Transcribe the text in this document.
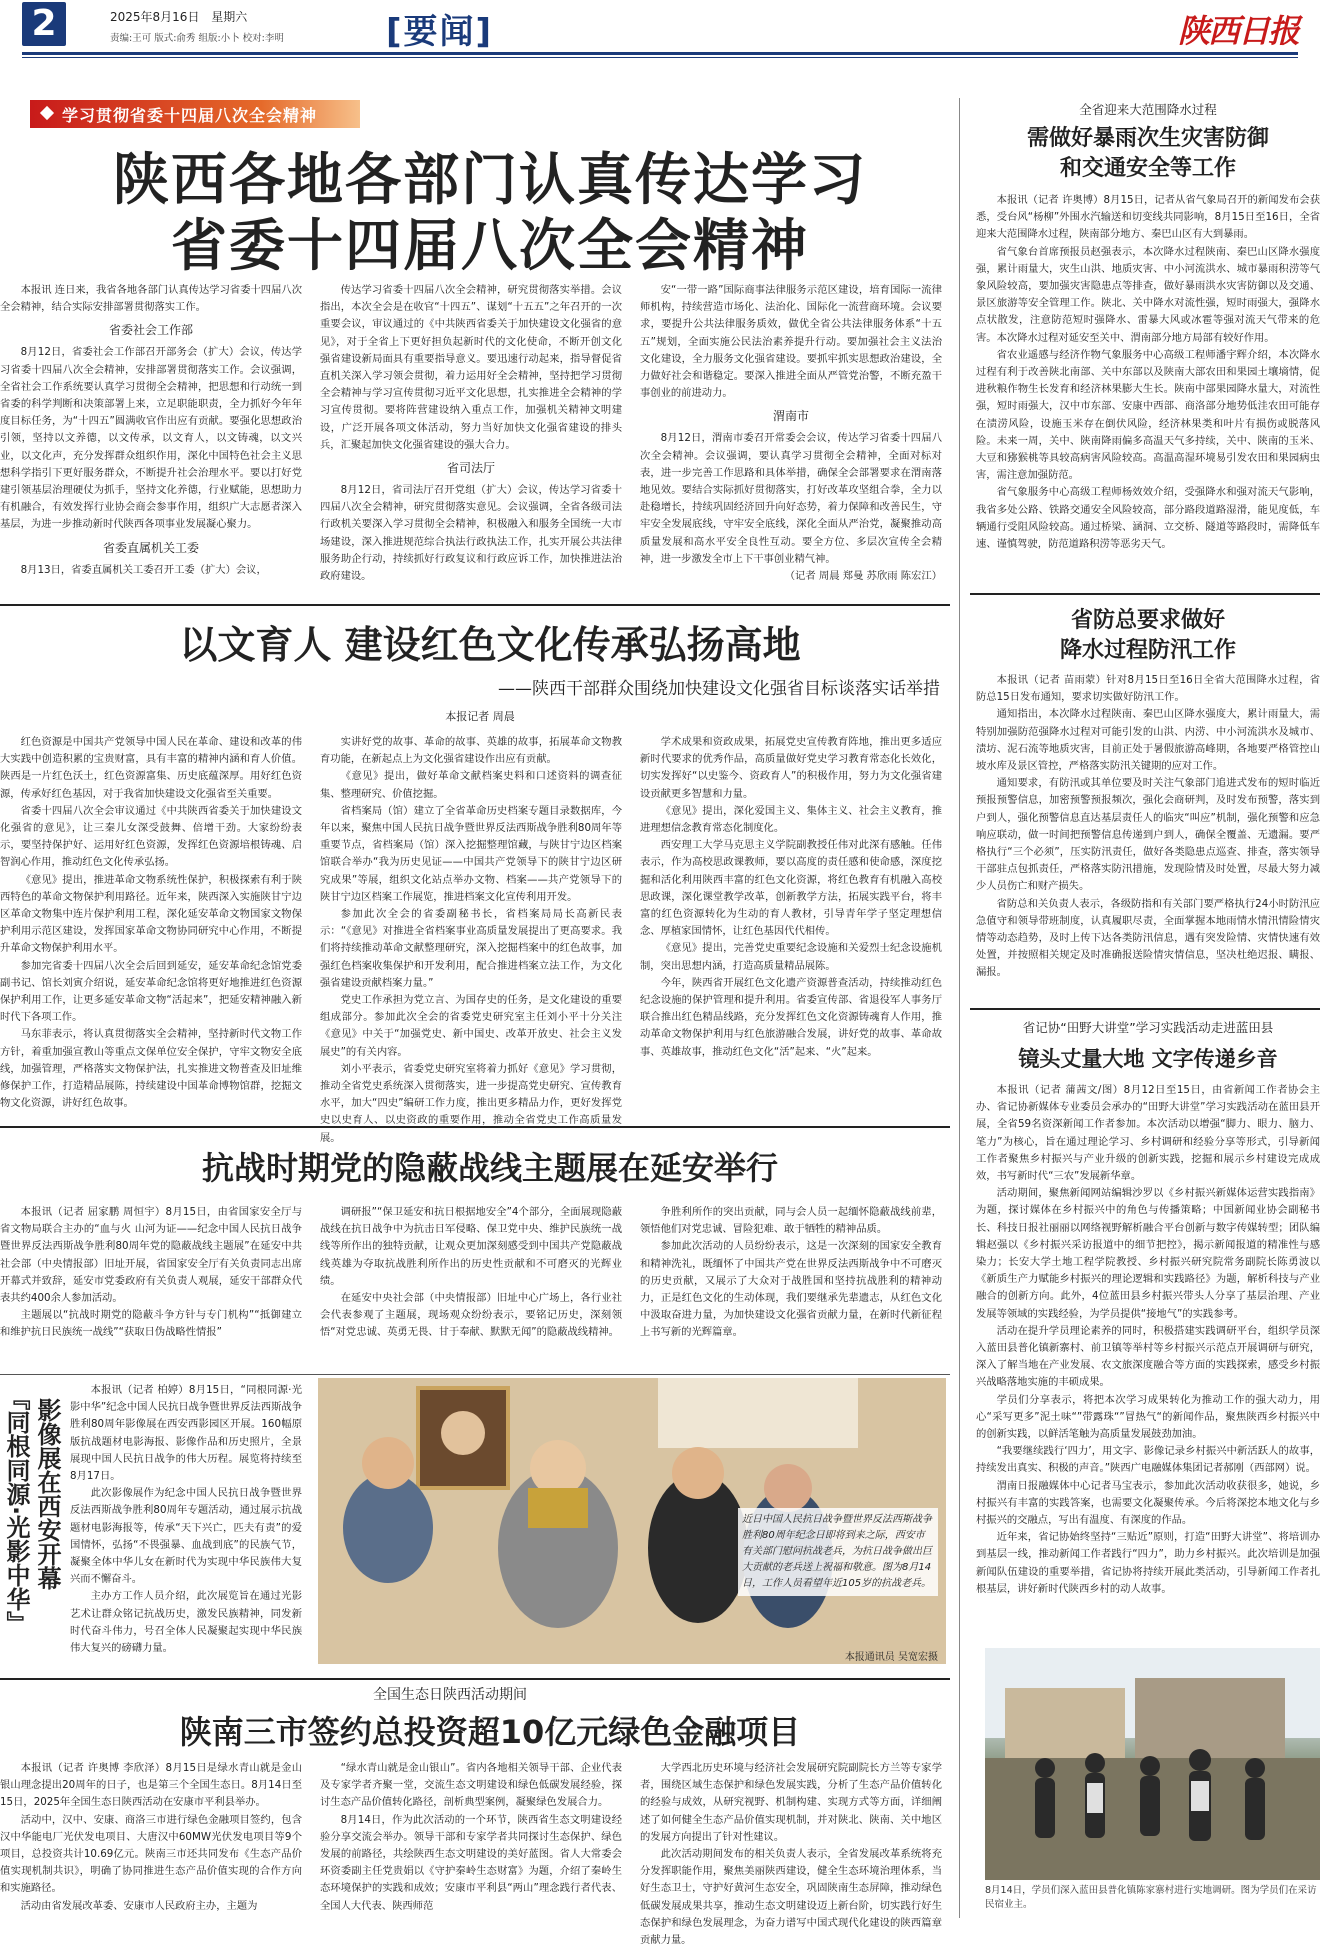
2	2025年8月16日 星期六
责编:王可 版式:俞秀 组版:小卜 校对:李明	[要闻]	陕西日报
学习贯彻省委十四届八次全会精神
陕西各地各部门认真传达学习
省委十四届八次全会精神

本报讯 连日来，我省各地各部门认真传达学习省委十四届八次全会精神，结合实际安排部署贯彻落实工作。

省委社会工作部

8月12日，省委社会工作部召开部务会（扩大）会议，传达学习省委十四届八次全会精神，安排部署贯彻落实工作。会议强调，全省社会工作系统要认真学习贯彻全会精神，把思想和行动统一到省委的科学判断和决策部署上来，立足职能职责，全力抓好今年年度目标任务，为“十四五”圆满收官作出应有贡献。要强化思想政治引领，坚持以文养德，以文传承，以文育人，以文铸魂，以文兴业，以文化声，充分发挥群众组织作用，深化中国特色社会主义思想科学指引下更好服务群众，不断提升社会治理水平。要以打好党建引领基层治理硬仗为抓手，坚持文化养德，行业赋能，思想助力有机融合，有效发挥行业协会商会参事作用，组织广大志愿者深入基层，为进一步推动新时代陕西各项事业发展凝心聚力。

省委直属机关工委

8月13日，省委直属机关工委召开工委（扩大）会议，

传达学习省委十四届八次全会精神，研究贯彻落实举措。会议指出，本次全会是在收官“十四五”、谋划“十五五”之年召开的一次重要会议，审议通过的《中共陕西省委关于加快建设文化强省的意见》，对于全省上下更好担负起新时代的文化使命，不断开创文化强省建设新局面具有重要指导意义。要迅速行动起来，指导督促省直机关深入学习领会贯彻，着力运用好全会精神，坚持把学习贯彻全会精神与学习宣传贯彻习近平文化思想，扎实推进全会精神的学习宣传贯彻。要将阵营建设纳入重点工作，加强机关精神文明建设，广泛开展各项文体活动，努力当好加快文化强省建设的排头兵，汇聚起加快文化强省建设的强大合力。

省司法厅

8月12日，省司法厅召开党组（扩大）会议，传达学习省委十四届八次全会精神，研究贯彻落实意见。会议强调，全省各级司法行政机关要深入学习贯彻全会精神，积极融入和服务全国统一大市场建设，深入推进规范综合执法行政执法工作，扎实开展公共法律服务助企行动，持续抓好行政复议和行政应诉工作，加快推进法治政府建设。

安“一带一路”国际商事法律服务示范区建设，培育国际一流律师机构，持续营造市场化、法治化、国际化一流营商环境。会议要求，要提升公共法律服务质效，做优全省公共法律服务体系“十五五”规划，全面实施公民法治素养提升行动。要加强社会主义法治文化建设，全力服务文化强省建设。要抓牢抓实思想政治建设，全力做好社会和谐稳定。要深入推进全面从严管党治警，不断充盈干事创业的前进动力。

渭南市

8月12日，渭南市委召开常委会会议，传达学习省委十四届八次全会精神。会议强调，要认真学习贯彻全会精神，全面对标对表，进一步完善工作思路和具体举措，确保全会部署要求在渭南落地见效。要结合实际抓好贯彻落实，打好改革攻坚组合拳，全力以赴稳增长，持续巩固经济回升向好态势，着力保障和改善民生，守牢安全发展底线，守牢安全底线，深化全面从严治党，凝聚推动高质量发展和高水平安全良性互动。要全方位、多层次宣传全会精神，进一步激发全市上下干事创业精气神。

（记者 周晨 郑曼 苏欣雨 陈宏江）

全省迎来大范围降水过程
需做好暴雨次生灾害防御
和交通安全等工作

本报讯（记者 许奥博）8月15日，记者从省气象局召开的新闻发布会获悉，受台风“杨柳”外围水汽输送和切变线共同影响，8月15日至16日，全省迎来大范围降水过程，陕南部分地方、秦巴山区有大到暴雨。

省气象台首席预报员赵强表示，本次降水过程陕南、秦巴山区降水强度强，累计雨量大，灾生山洪、地质灾害、中小河流洪水、城市暴雨积涝等气象风险较高，要加强灾害隐患点等排查，做好暴雨洪水灾害防御以及交通、景区旅游等安全管理工作。陕北、关中降水对流性强，短时雨强大，强降水点状散发，注意防范短时强降水、雷暴大风或冰雹等强对流天气带来的危害。本次降水过程对延安至关中、渭南部分地方局部有较好作用。

省农业遥感与经济作物气象服务中心高级工程师潘宇辉介绍，本次降水过程有利于改善陕北南部、关中东部以及陕南大部农田和果园土壤墒情，促进秋粮作物生长发育和经济林果膨大生长。陕南中部果园降水量大，对流性强，短时雨强大，汉中市东部、安康中西部、商洛部分地势低洼农田可能存在渍涝风险，设施玉米存在倒伏风险，经济林果类和叶片有损伤或脱落风险。未来一周，关中、陕南降雨偏多高温天气多持续，关中、陕南的玉米、大豆和猕猴桃等具较高病害风险较高。高温高湿环境易引发农田和果园病虫害，需注意加强防范。

省气象服务中心高级工程师杨效效介绍，受强降水和强对流天气影响，我省多处公路、铁路交通安全风险较高，部分路段道路湿滑，能见度低，车辆通行受阻风险较高。通过桥梁、涵洞、立交桥、隧道等路段时，需降低车速、谨慎驾驶，防范道路积涝等恶劣天气。

省防总要求做好
降水过程防汛工作

本报讯（记者 苗雨蒙）针对8月15日至16日全省大范围降水过程，省防总15日发布通知，要求切实做好防汛工作。

通知指出，本次降水过程陕南、秦巴山区降水强度大，累计雨量大，需特别加强防范强降水过程对可能引发的山洪、内涝、中小河流洪水及城市、渍坊、泥石流等地质灾害，目前正处于暑假旅游高峰期，各地要严格管控山坡水库及景区管控，严格落实防汛关键期的应对工作。

通知要求，有防汛或其单位要及时关注气象部门追进式发布的短时临近预报预警信息，加密预警预报频次，强化会商研判，及时发布预警，落实到户到人，强化预警信息直达基层责任人的临灾“叫应”机制，强化预警和应急响应联动，做一时间把预警信息传递到户到人，确保全覆盖、无遗漏。要严格执行“三个必须”，压实防汛责任，做好各类隐患点巡查、排查，落实领导干部驻点包抓责任，严格落实防汛措施，发现险情及时处置，尽最大努力减少人员伤亡和财产损失。

省防总和关负责人表示，各级防指和有关部门要严格执行24小时防汛应急值守和领导带班制度，认真履职尽责，全面掌握本地雨情水情汛情险情灾情等动态趋势，及时上传下达各类防汛信息，遇有突发险情、灾情快速有效处置，并按照相关规定及时准确报送险情灾情信息，坚决杜绝迟报、瞒报、漏报。

省记协“田野大讲堂”学习实践活动走进蓝田县
镜头丈量大地 文字传递乡音

本报讯（记者 蒲茜文/图）8月12日至15日，由省新闻工作者协会主办、省记协新媒体专业委员会承办的“田野大讲堂”学习实践活动在蓝田县开展，全省59名资深新闻工作者参加。本次活动以增强“脚力、眼力、脑力、笔力”为核心，旨在通过理论学习、乡村调研和经验分享等形式，引导新闻工作者聚焦乡村振兴与产业升级的创新实践，挖掘和展示乡村建设完成成效，书写新时代“三农”发展新华章。

活动期间，聚焦新闻网站编辑沙罗以《乡村振兴新媒体运营实践指南》为题，探讨媒体在乡村振兴中的角色与传播策略；中国新闻业协会副秘书长、科技日报社丽丽以网络视野解析融合平台创新与数字传媒转型；团队编辑赵强以《乡村振兴采访报道中的细节把控》，揭示新闻报道的精准性与感染力；长安大学土地工程学院教授、乡村振兴研究院常务副院长陈勇波以《新质生产力赋能乡村振兴的理论逻辑和实践路径》为题，解析科技与产业融合的创新方向。此外，4位蓝田县乡村振兴带头人分享了基层治理、产业发展等领域的实践经验，为学员提供“接地气”的实践参考。

活动在提升学员理论素养的同时，积极搭建实践调研平台，组织学员深入蓝田县普化镇新寨村、前卫镇等举村等乡村振兴示范点开展调研与研究，深入了解当地在产业发展、农文旅深度融合等方面的实践探索，感受乡村振兴战略落地实施的丰硕成果。

学员们分享表示，将把本次学习成果转化为推动工作的强大动力，用心“采写更多”泥土味“”带露珠“”冒热气“的新闻作品，聚焦陕西乡村振兴中的创新实践，以鲜活笔触为高质量发展鼓劲加油。

“我要继续践行‘四力’，用文字、影像记录乡村振兴中新活跃人的故事，持续发出真实、积极的声音。”陕西广电融媒体集团记者郝刚（西部网）说。

渭南日报融媒体中心记者马宝表示，参加此次活动收获很多，她说，乡村振兴有丰富的实践答案，也需要文化凝聚传承。今后将深挖本地文化与乡村振兴的交融点，写出有温度、有深度的作品。

近年来，省记协始终坚持“三贴近”原则，打造“田野大讲堂”、将培训办到基层一线，推动新闻工作者践行“四力”，助力乡村振兴。此次培训是加强新闻队伍建设的重要举措，省记协将持续开展此类活动，引导新闻工作者扎根基层，讲好新时代陕西乡村的动人故事。

8月14日，学员们深入蓝田县普化镇陈家寨村进行实地调研。图为学员们在采访民宿业主。
以文育人 建设红色文化传承弘扬高地
——陕西干部群众围绕加快建设文化强省目标谈落实话举措
本报记者 周晨

红色资源是中国共产党领导中国人民在革命、建设和改革的伟大实践中创造积累的宝贵财富，具有丰富的精神内涵和育人价值。陕西是一片红色沃土，红色资源富集、历史底蕴深厚。用好红色资源，传承好红色基因，对于我省加快建设文化强省至关重要。

省委十四届八次全会审议通过《中共陕西省委关于加快建设文化强省的意见》，让三秦儿女深受鼓舞、倍增干劲。大家纷纷表示，要坚持保护好、运用好红色资源，发挥红色资源培根铸魂、启智润心作用，推动红色文化传承弘扬。

《意见》提出，推进革命文物系统性保护，积极探索有利于陕西特色的革命文物保护利用路径。近年来，陕西深入实施陕甘宁边区革命文物集中连片保护利用工程，深化延安革命文物国家文物保护利用示范区建设，发挥国家革命文物协同研究中心作用，不断提升革命文物保护利用水平。

参加完省委十四届八次全会后回到延安，延安革命纪念馆党委副书记、馆长刘寅介绍说，延安革命纪念馆将更好地推进红色资源保护利用工作，让更多延安革命文物“活起来”，把延安精神融入新时代下各项工作。

马东菲表示，将认真贯彻落实全会精神，坚持新时代文物工作方针，着重加强宣教山等重点文保单位安全保护，守牢文物安全底线，加强管理，严格落实文物保护法，扎实推进文物普查及旧址维修保护工作，打造精品展陈，持续建设中国革命博物馆群，挖掘文物文化资源，讲好红色故事。

实讲好党的故事、革命的故事、英雄的故事，拓展革命文物教育功能，在新起点上为文化强省建设作出应有贡献。

《意见》提出，做好革命文献档案史料和口述资料的调查征集、整理研究、价值挖掘。

省档案局（馆）建立了全省革命历史档案专题目录数据库，今年以来，聚焦中国人民抗日战争暨世界反法西斯战争胜利80周年等重要节点，省档案局（馆）深入挖掘整理馆藏，与陕甘宁边区档案馆联合举办“我为历史见证——中国共产党领导下的陕甘宁边区研究成果”等展，组织文化站点举办文物、档案——共产党领导下的陕甘宁边区档案工作展览，推进档案文化宣传利用开发。

参加此次全会的省委副秘书长，省档案局局长高新民表示：“《意见》对推进全省档案事业高质量发展提出了更高要求。我们将持续推动革命文献整理研究，深入挖掘档案中的红色故事，加强红色档案收集保护和开发利用，配合推进档案立法工作，为文化强省建设贡献档案力量。”

党史工作承担为党立言、为国存史的任务，是文化建设的重要组成部分。参加此次全会的省委党史研究室主任刘小平十分关注《意见》中关于“加强党史、新中国史、改革开放史、社会主义发展史”的有关内容。

刘小平表示，省委党史研究室将着力抓好《意见》学习贯彻，推动全省党史系统深入贯彻落实，进一步提高党史研究、宣传教育水平，加大“四史”编研工作力度，推出更多精品力作，更好发挥党史以史育人、以史资政的重要作用，推动全省党史工作高质量发展。

学术成果和资政成果，拓展党史宣传教育阵地，推出更多适应新时代要求的优秀作品，高质量做好党史学习教育常态化长效化，切实发挥好“以史鉴今、资政育人”的积极作用，努力为文化强省建设贡献更多智慧和力量。

《意见》提出，深化爱国主义、集体主义、社会主义教育，推进理想信念教育常态化制度化。

西安理工大学马克思主义学院副教授任伟对此深有感触。任伟表示，作为高校思政课教师，要以高度的责任感和使命感，深度挖掘和活化利用陕西丰富的红色文化资源，将红色教育有机融入高校思政课，深化课堂教学改革，创新教学方法，拓展实践平台，将丰富的红色资源转化为生动的育人教材，引导青年学子坚定理想信念、厚植家国情怀，让红色基因代代相传。

《意见》提出，完善党史重要纪念设施和关爱烈士纪念设施机制，突出思想内涵，打造高质量精品展陈。

今年，陕西省开展红色文化遗产资源普查活动，持续推动红色纪念设施的保护管理和提升利用。省委宣传部、省退役军人事务厅联合推出红色精品线路，充分发挥红色文化资源铸魂育人作用，推动革命文物保护利用与红色旅游融合发展，讲好党的故事、革命故事、英雄故事，推动红色文化“活”起来、“火”起来。

抗战时期党的隐蔽战线主题展在延安举行

本报讯（记者 屈家鹏 周恒宇）8月15日，由省国家安全厅与省文物局联合主办的“血与火 山河为证——纪念中国人民抗日战争暨世界反法西斯战争胜利80周年党的隐蔽战线主题展”在延安中共社会部（中央情报部）旧址开展，省国家安全厅有关负责同志出席开幕式并致辞，延安市党委政府有关负责人观展，延安干部群众代表共约400余人参加活动。

主题展以“抗战时期党的隐蔽斗争方针与专门机构”“抵御建立和维护抗日民族统一战线”“获取日伪战略性情报”

调研报”“保卫延安和抗日根据地安全”4个部分，全面展现隐蔽战线在抗日战争中为抗击日军侵略、保卫党中央、维护民族统一战线等所作出的独特贡献，让观众更加深刻感受到中国共产党隐蔽战线英雄为夺取抗战胜利所作出的历史性贡献和不可磨灭的光辉业绩。

在延安中央社会部（中央情报部）旧址中心广场上，各行业社会代表参观了主题展，现场观众纷纷表示，要铭记历史，深刻领悟“对党忠诚、英勇无畏、甘于奉献、默默无闻”的隐蔽战线精神。

争胜利所作的突出贡献，同与会人员一起缅怀隐蔽战线前辈，领悟他们对党忠诚、冒险犯难、敢于牺牲的精神品质。

参加此次活动的人员纷纷表示，这是一次深刻的国家安全教育和精神洗礼，既缅怀了中国共产党在世界反法西斯战争中不可磨灭的历史贡献，又展示了大众对于战胜国和坚持抗战胜利的精神动力，正是红色文化的生动体现，我们要继承先辈遗志，从红色文化中汲取奋进力量，为加快建设文化强省贡献力量，在新时代新征程上书写新的光辉篇章。

『同根同源·光影中华』 影像展在西安开幕

本报讯（记者 柏婷）8月15日，“同根同源·光影中华”纪念中国人民抗日战争暨世界反法西斯战争胜利80周年影像展在西安西影园区开展。160幅原版抗战题材电影海报、影像作品和历史照片，全景展现中国人民抗日战争的伟大历程。展览将持续至8月17日。

此次影像展作为纪念中国人民抗日战争暨世界反法西斯战争胜利80周年专题活动，通过展示抗战题材电影海报等，传承“天下兴亡，匹夫有责”的爱国情怀，弘扬“不畏强暴、血战到底”的民族气节，凝聚全体中华儿女在新时代为实现中华民族伟大复兴而不懈奋斗。

主办方工作人员介绍，此次展览旨在通过光影艺术让群众铭记抗战历史，激发民族精神，同发新时代奋斗伟力，号召全体人民凝聚起实现中华民族伟大复兴的磅礴力量。

近日中国人民抗日战争暨世界反法西斯战争胜利80周年纪念日即将到来之际，西安市有关部门慰问抗战老兵，为抗日战争做出巨大贡献的老兵送上祝福和敬意。图为8月14日，工作人员看望年近105岁的抗战老兵。
本报通讯员 吴宽宏摄
全国生态日陕西活动期间
陕南三市签约总投资超10亿元绿色金融项目

本报讯（记者 许奥博 李欣泽）8月15日是绿水青山就是金山银山理念提出20周年的日子，也是第三个全国生态日。8月14日至15日，2025年全国生态日陕西活动在安康市平利县举办。

活动中，汉中、安康、商洛三市进行绿色金融项目签约，包含汉中华能电厂光伏发电项目、大唐汉中60MW光伏发电项目等9个项目，总投资共计10.69亿元。陕南三市还共同发布《生态产品价值实现机制共识》，明确了协同推进生态产品价值实现的合作方向和实施路径。

活动由省发展改革委、安康市人民政府主办，主题为

“绿水青山就是金山银山”。省内各地相关领导干部、企业代表及专家学者齐聚一堂，交流生态文明建设和绿色低碳发展经验，探讨生态产品价值转化路径，剖析典型案例，凝聚绿色发展合力。

8月14日，作为此次活动的一个环节，陕西省生态文明建设经验分享交流会举办。领导干部和专家学者共同探讨生态保护、绿色发展的前路径，共绘陕西生态文明建设的美好蓝图。省人大常委会环资委副主任党贵娟以《守护秦岭生态财富》为题，介绍了秦岭生态环境保护的实践和成效；安康市平利县“两山”理念践行者代表、全国人大代表、陕西师范

大学西北历史环境与经济社会发展研究院副院长方兰等专家学者，围绕区域生态保护和绿色发展实践，分析了生态产品价值转化的经验与成效，从研究视野、机制构建、实现方式等方面，详细阐述了如何健全生态产品价值实现机制，并对陕北、陕南、关中地区的发展方向提出了针对性建议。

此次活动期间发布的相关负责人表示，全省发展改革系统将充分发挥职能作用，聚焦美丽陕西建设，健全生态环境治理体系，当好生态卫士，守护好黄河生态安全，巩固陕南生态屏障，推动绿色低碳发展成果共享，推动生态文明建设迈上新台阶，切实践行好生态保护和绿色发展理念，为奋力谱写中国式现代化建设的陕西篇章贡献力量。
